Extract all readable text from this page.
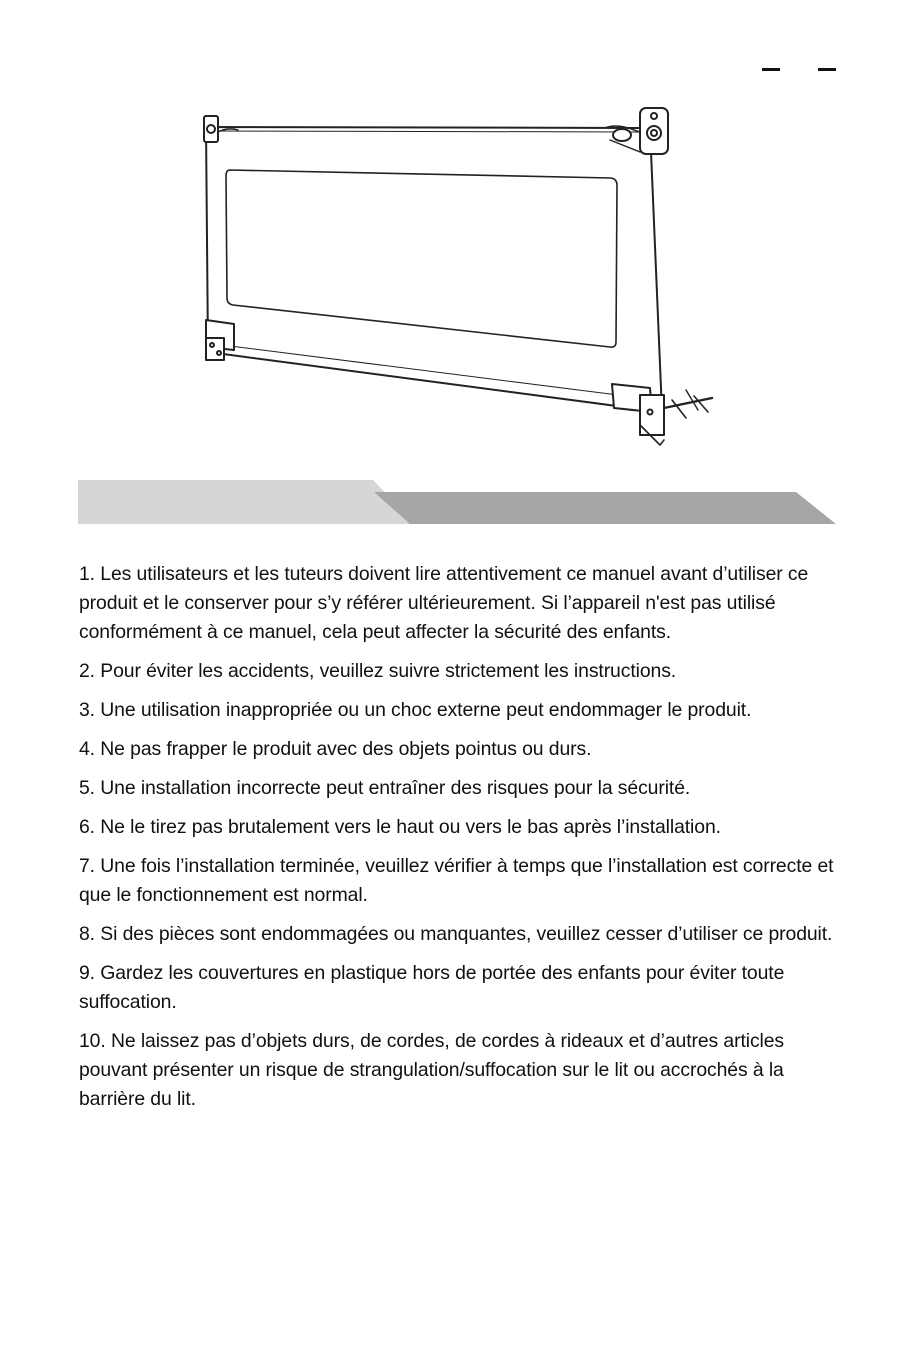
1. Les utilisateurs et les tuteurs doivent lire attentivement ce manuel avant d’utiliser ce produit et le conserver pour s’y référer ultérieurement. Si l’appareil n'est pas utilisé conformément à ce manuel, cela peut affecter la sécurité des enfants.
2. Pour éviter les accidents, veuillez suivre strictement les instructions.
3. Une utilisation inappropriée ou un choc externe peut endommager le produit.
4. Ne pas frapper le produit avec des objets pointus ou durs.
5. Une installation incorrecte peut entraîner des risques pour la sécurité.
6. Ne le tirez pas brutalement vers le haut ou vers le bas après l’installation.
7. Une fois l’installation terminée, veuillez vérifier à temps que l’installation est correcte et que le fonctionnement est normal.
8. Si des pièces sont endommagées ou manquantes, veuillez cesser d’utiliser ce produit.
9. Gardez les couvertures en plastique hors de portée des enfants pour éviter toute suffocation.
10. Ne laissez pas d’objets durs, de cordes, de cordes à rideaux et d’autres articles pouvant présenter un risque de strangulation/suffocation sur le lit ou accrochés à la barrière du lit.
